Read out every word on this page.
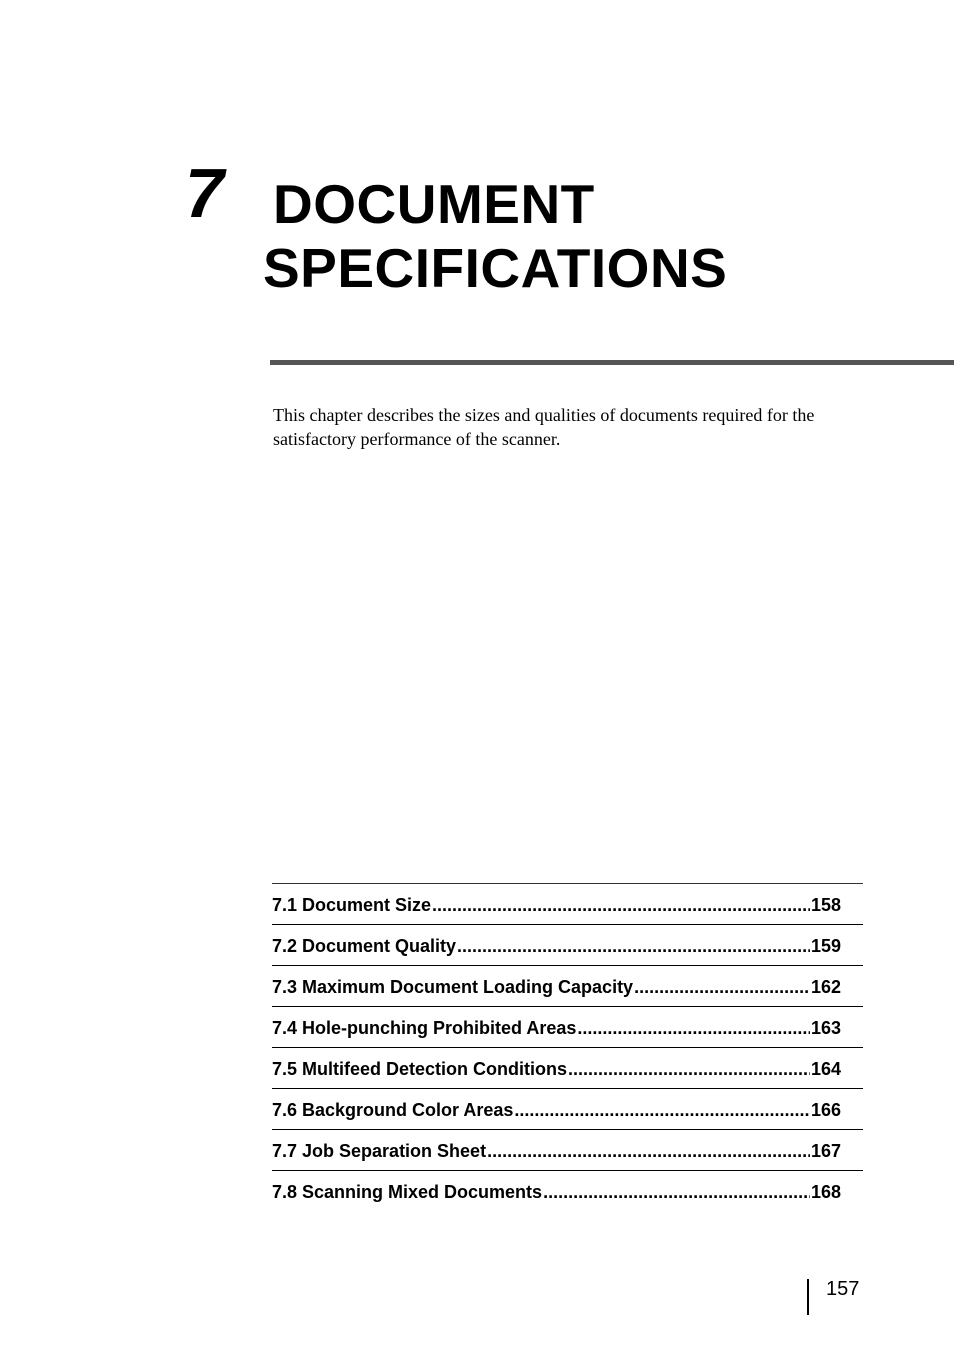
7 DOCUMENT
SPECIFICATIONS

This chapter describes the sizes and qualities of documents required for the satisfactory performance of the scanner.

7.1 Document Size .....	158
7.2 Document Quality .....	159
7.3 Maximum Document Loading Capacity .....	162
7.4 Hole-punching Prohibited Areas .....	163
7.5 Multifeed Detection Conditions .....	164
7.6 Background Color Areas .....	166
7.7 Job Separation Sheet .....	167
7.8 Scanning Mixed Documents .....	168
157
